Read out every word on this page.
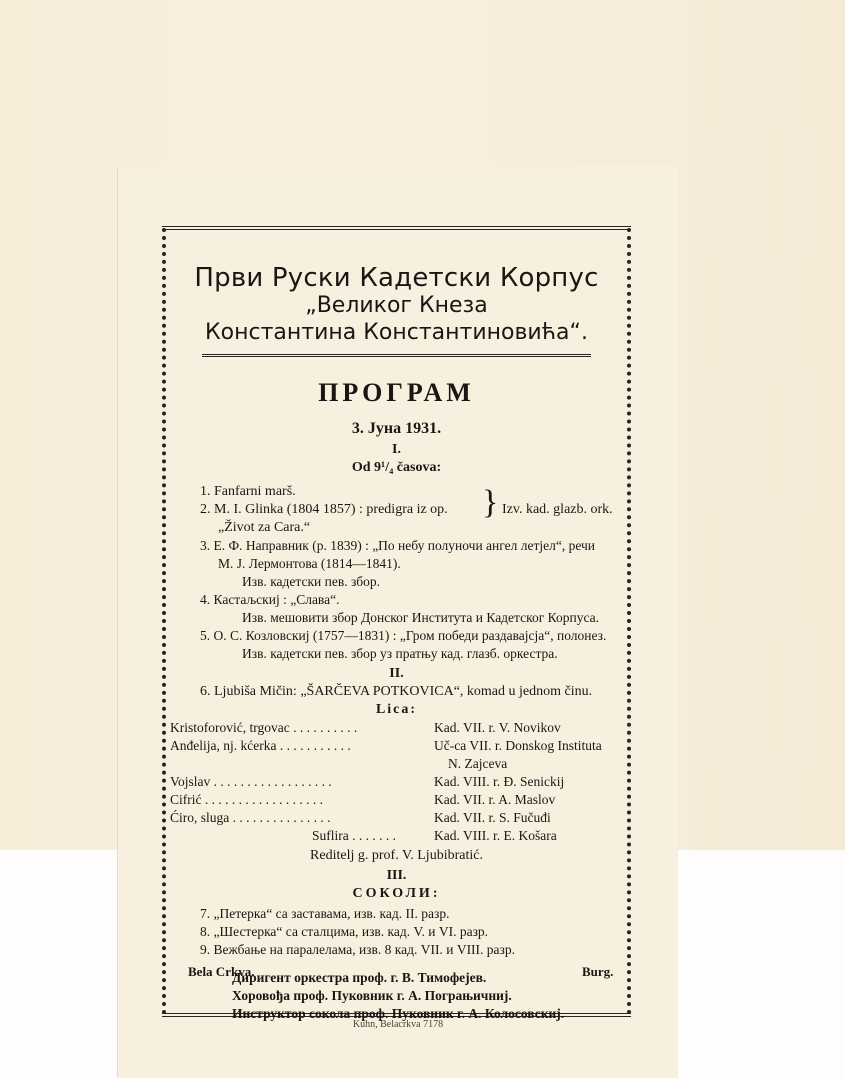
Први Руски Кадетски Корпус
„Великог Кнеза
Константина Константиновића“.
ПРОГРАМ
3. Јуна 1931.
I.
Od 9¹/₄ časova:
1. Fanfarni marš.
2. M. I. Glinka (1804 1857) : predigra iz op.
„Život za Cara.“
} Izv. kad. glazb. ork.
3. Е. Ф. Направник (р. 1839) : „По небу полуночи ангел летјел“, речи
М. Ј. Лермонтова (1814—1841).
Изв. кадетски пев. збор.
4. Кастаљскиј : „Слава“.
Изв. мешовити збор Донског Института и Кадетског Корпуса.
5. О. С. Козловскиј (1757—1831) : „Гром победи раздавајсја“, полонез.
Изв. кадетски пев. збор уз пратњу кад. глазб. оркестра.
II.
6. Ljubiša Mičin: „ŠARČEVA POTKOVICA“, komad u jednom činu.
Lica:
Kristoforović, trgovac . . . . . . . . . .	Kad. VII. r. V. Novikov
Anđelija, nj. kćerka . . . . . . . . . . .	Uč-ca VII. r. Donskog Instituta
N. Zajceva
Vojslav . . . . . . . . . . . . . . . . . .	Kad. VIII. r. Đ. Senickij
Cifrić . . . . . . . . . . . . . . . . . .	Kad. VII. r. A. Maslov
Ćiro, sluga . . . . . . . . . . . . . . .	Kad. VII. r. S. Fučuđi
Suflira . . . . . . .	Kad. VIII. r. E. Košara
Reditelj g. prof. V. Ljubibratić.
III.
СОКОЛИ:
7. „Петерка“ са заставама, изв. кад. II. разр.
8. „Шестерка“ са сталцима, изв. кад. V. и VI. разр.
9. Вежбање на паралелама, изв. 8 кад. VII. и VIII. разр.
Диригент оркестра проф. г. В. Тимофејев.
Хоровођа проф. Пуковник г. А. Пограњичниј.
Инструктор сокола проф. Пуковник г. А. Колосовскиј.
Bela Crkva.	Burg.
Kuhn, Belacrkva 7178
